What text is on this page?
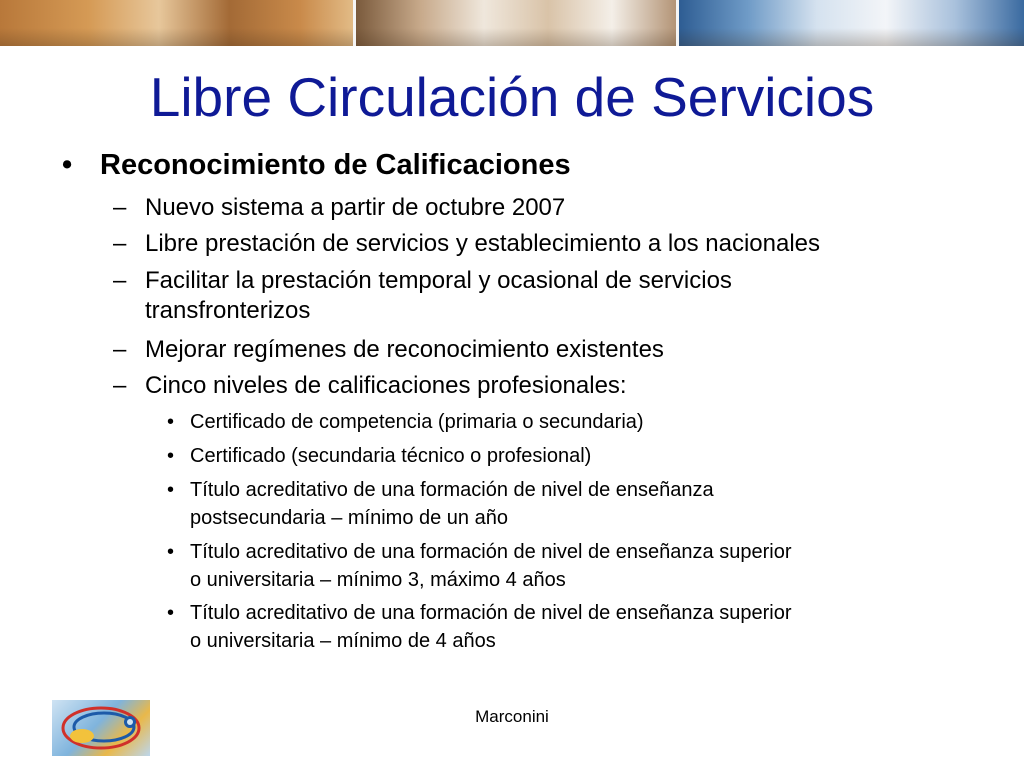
Libre Circulación de Servicios
• Reconocimiento de Calificaciones
– Nuevo sistema a partir de octubre 2007
– Libre prestación de servicios y establecimiento a los nacionales
– Facilitar la prestación temporal y ocasional de servicios
transfronterizos
– Mejorar regímenes de reconocimiento existentes
– Cinco niveles de calificaciones profesionales:
• Certificado de competencia (primaria o secundaria)
• Certificado (secundaria técnico o profesional)
• Título acreditativo de una formación de nivel de enseñanza
postsecundaria – mínimo de un año
• Título acreditativo de una formación de nivel de enseñanza superior
o universitaria – mínimo 3, máximo 4 años
• Título acreditativo de una formación de nivel de enseñanza superior
o universitaria – mínimo de 4 años
Marconini
